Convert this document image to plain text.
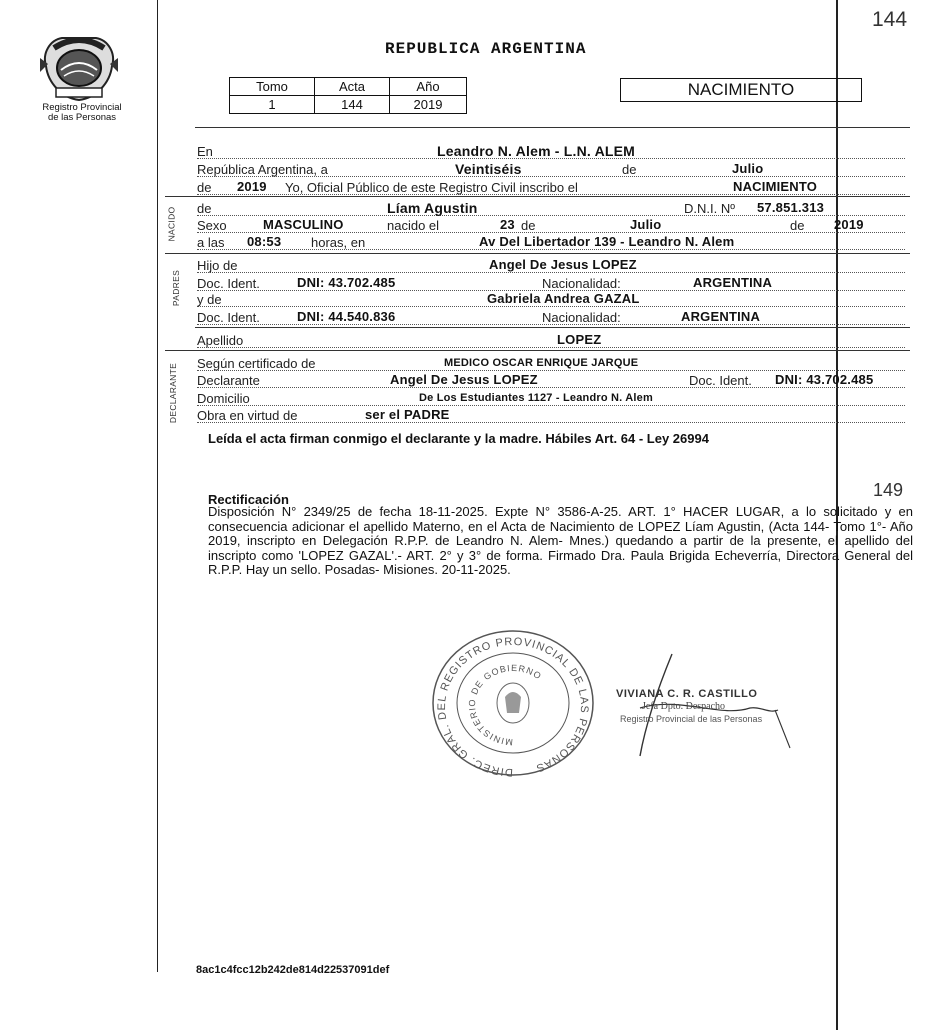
144
149
Registro Provincial
de las Personas
REPUBLICA ARGENTINA
Tomo	Acta	Año
1	144	2019
NACIMIENTO
En	Leandro N. Alem - L.N. ALEM
República Argentina, a	Veintiséis	de	Julio
de 2019 Yo, Oficial Público de este Registro Civil inscribo el	NACIMIENTO
NACIDO de	Líam Agustin	D.N.I. Nº 57.851.313
Sexo	MASCULINO	nacido el	23 de	Julio	de 2019
a las 08:53 horas, en	Av Del Libertador 139 - Leandro N. Alem
PADRES
Hijo de	Angel De Jesus LOPEZ
Doc. Ident.	DNI: 43.702.485	Nacionalidad:	ARGENTINA
y de	Gabriela Andrea GAZAL
Doc. Ident.	DNI: 44.540.836	Nacionalidad:	ARGENTINA
Apellido	LOPEZ
DECLARANTE Según certificado de	MEDICO OSCAR ENRIQUE JARQUE
Declarante	Angel De Jesus LOPEZ	Doc. Ident. DNI: 43.702.485
Domicilio	De Los Estudiantes 1127 - Leandro N. Alem
Obra en virtud de	ser el PADRE
Leída el acta firman conmigo el declarante y la madre. Hábiles Art. 64 - Ley 26994
Rectificación
Disposición N° 2349/25 de fecha 18-11-2025. Expte N° 3586-A-25. ART. 1° HACER LUGAR, a lo solicitado y en consecuencia adicionar el apellido Materno, en el Acta de Nacimiento de LOPEZ Líam Agustin, (Acta 144- Tomo 1°- Año 2019, inscripto en Delegación R.P.P. de Leandro N. Alem- Mnes.) quedando a partir de la presente, el apellido del inscripto como 'LOPEZ GAZAL'.- ART. 2° y 3° de forma. Firmado Dra. Paula Brigida Echeverría, Directora General del R.P.P. Hay un sello. Posadas- Misiones. 20-11-2025.
DIREC. GRAL. DEL REGISTRO PROVINCIAL DE LAS PERSONAS
MINISTERIO DE GOBIERNO
VIVIANA C. R. CASTILLO
Jefa Dpto. Despacho
Registro Provincial de las Personas
8ac1c4fcc12b242de814d22537091def
